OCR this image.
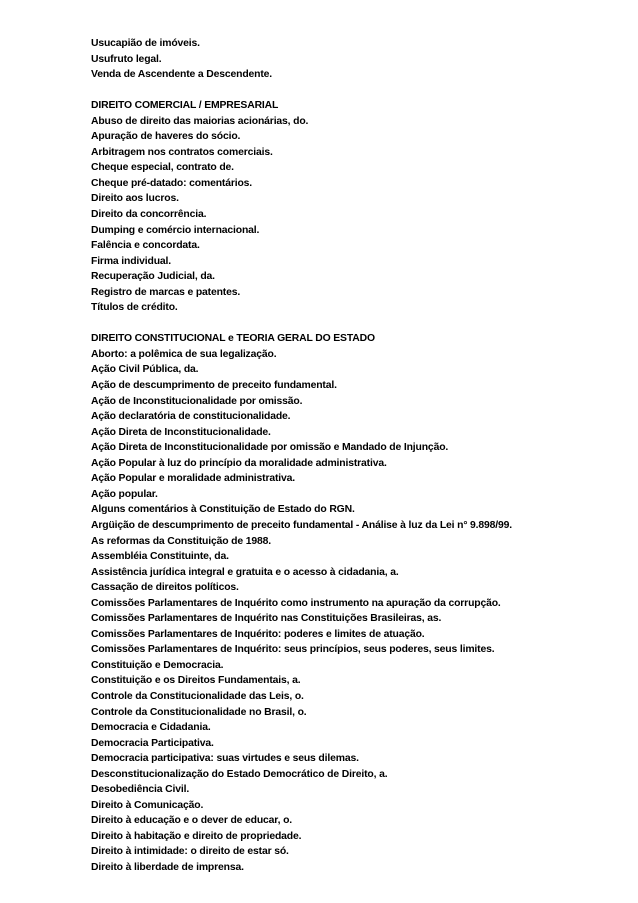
Usucapião de imóveis.
Usufruto legal.
Venda de Ascendente a Descendente.
DIREITO COMERCIAL / EMPRESARIAL
Abuso de direito das maiorias acionárias, do.
Apuração de haveres do sócio.
Arbitragem nos contratos comerciais.
Cheque especial, contrato de.
Cheque pré-datado: comentários.
Direito aos lucros.
Direito da concorrência.
Dumping e comércio internacional.
Falência e concordata.
Firma individual.
Recuperação Judicial, da.
Registro de marcas e patentes.
Títulos de crédito.
DIREITO CONSTITUCIONAL e TEORIA GERAL DO ESTADO
Aborto: a polêmica de sua legalização.
Ação Civil Pública, da.
Ação de descumprimento de preceito fundamental.
Ação de Inconstitucionalidade por omissão.
Ação declaratória de constitucionalidade.
Ação Direta de Inconstitucionalidade.
Ação Direta de Inconstitucionalidade por omissão e Mandado de Injunção.
Ação Popular à luz do princípio da moralidade administrativa.
Ação Popular e moralidade administrativa.
Ação popular.
Alguns comentários à Constituição de Estado do RGN.
Argüição de descumprimento de preceito fundamental - Análise à luz da Lei n° 9.898/99.
As reformas da Constituição de 1988.
Assembléia Constituinte, da.
Assistência jurídica integral e gratuita e o acesso à cidadania, a.
Cassação de direitos políticos.
Comissões Parlamentares de Inquérito como instrumento na apuração da corrupção.
Comissões Parlamentares de Inquérito nas Constituições Brasileiras, as.
Comissões Parlamentares de Inquérito: poderes e limites de atuação.
Comissões Parlamentares de Inquérito: seus princípios, seus poderes, seus limites.
Constituição e Democracia.
Constituição e os Direitos Fundamentais, a.
Controle da Constitucionalidade das Leis, o.
Controle da Constitucionalidade no Brasil, o.
Democracia e Cidadania.
Democracia Participativa.
Democracia participativa: suas virtudes e seus dilemas.
Desconstitucionalização do Estado Democrático de Direito, a.
Desobediência Civil.
Direito à Comunicação.
Direito à educação e o dever de educar, o.
Direito à habitação e direito de propriedade.
Direito à intimidade: o direito de estar só.
Direito à liberdade de imprensa.
